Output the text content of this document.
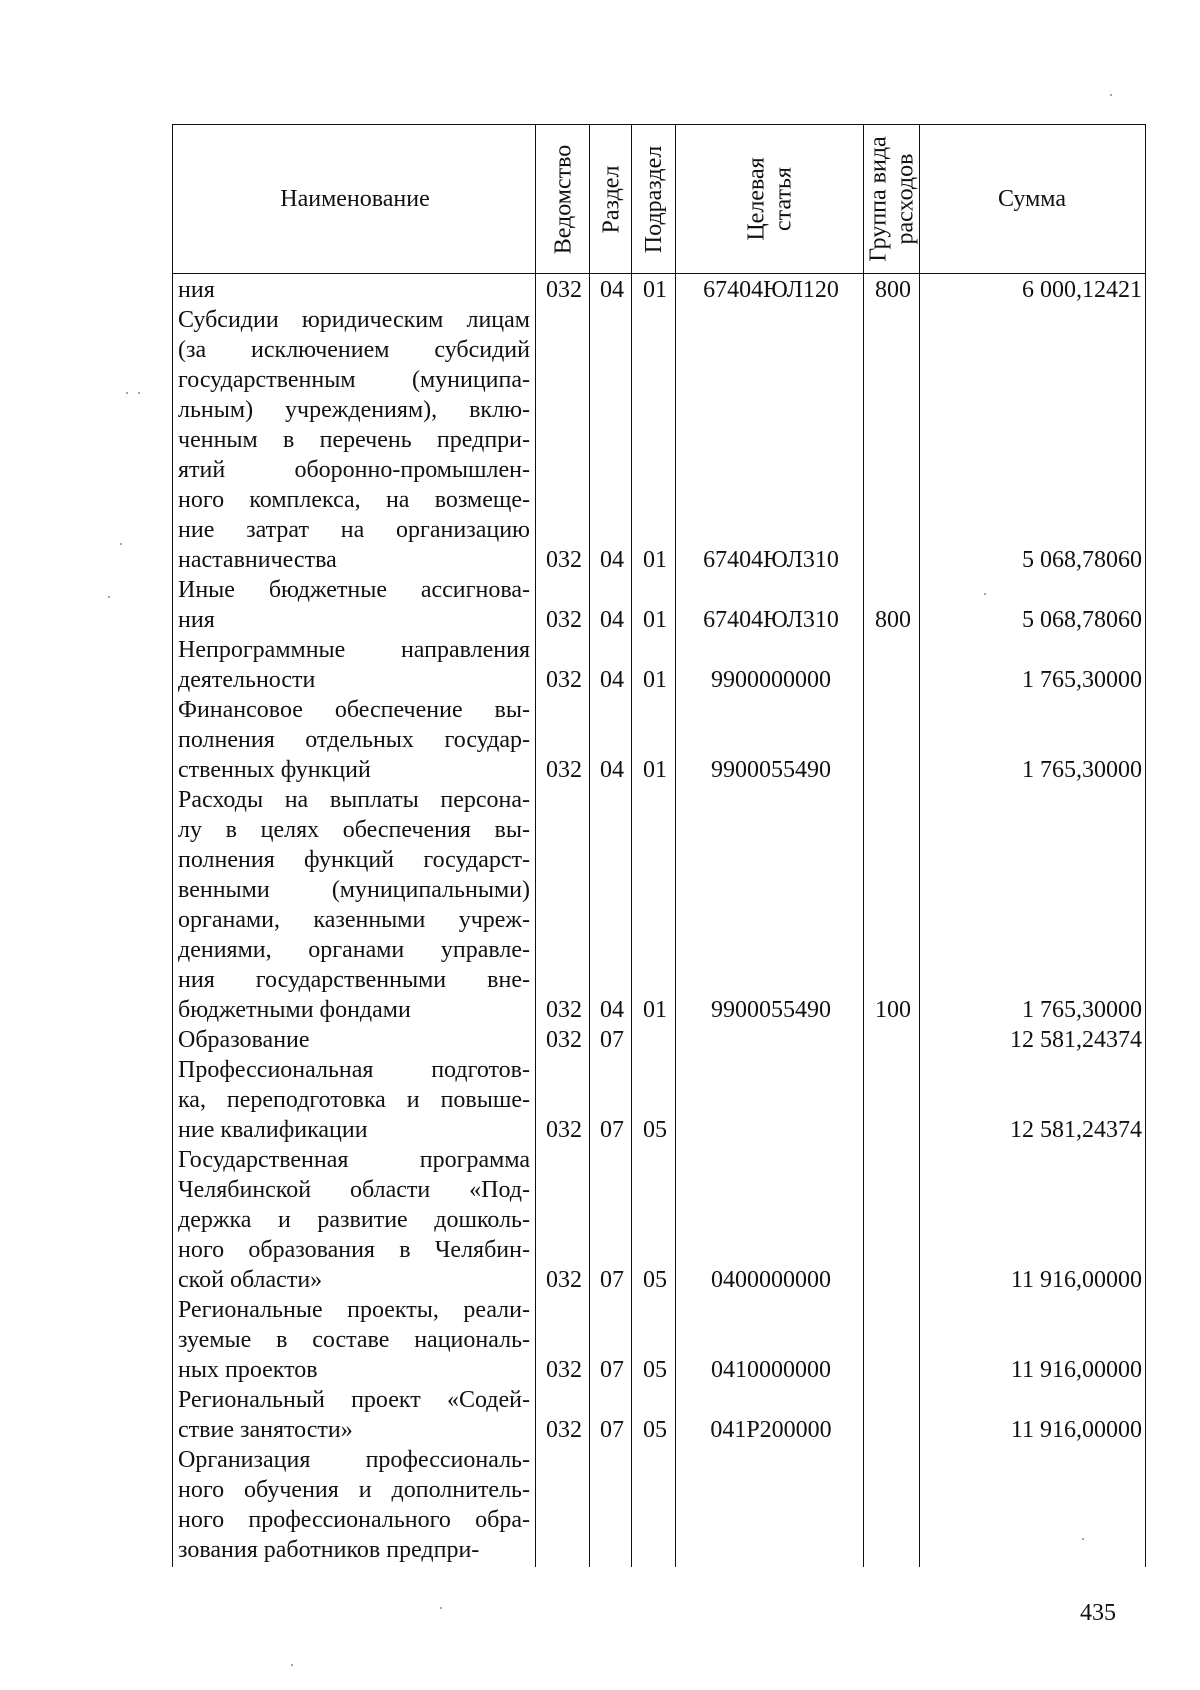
Наименование	Ведомство Раздел Подраздел	Целевая статья	Группа вида расходов	Сумма
ния	032 04 01	67404ЮЛ120	800	6 000,12421
Субсидии юридическим лицам
(за исключением субсидий
государственным (муниципа-
льным) учреждениям), вклю-
ченным в перечень предпри-
ятий оборонно-промышлен-
ного комплекса, на возмеще-
ние затрат на организацию
наставничества	032 04 01	67404ЮЛ310	5 068,78060
Иные бюджетные ассигнова-
ния	032 04 01	67404ЮЛ310	800	5 068,78060
Непрограммные направления
деятельности	032 04 01	9900000000	1 765,30000
Финансовое обеспечение вы-
полнения отдельных государ-
ственных функций	032 04 01	9900055490	1 765,30000
Расходы на выплаты персона-
лу в целях обеспечения вы-
полнения функций государст-
венными (муниципальными)
органами, казенными учреж-
дениями, органами управле-
ния государственными вне-
бюджетными фондами	032 04 01	9900055490	100	1 765,30000
Образование	032 07	12 581,24374
Профессиональная подготов-
ка, переподготовка и повыше-
ние квалификации	032 07 05	12 581,24374
Государственная программа
Челябинской области «Под-
держка и развитие дошколь-
ного образования в Челябин-
ской области»	032 07 05	0400000000	11 916,00000
Региональные проекты, реали-
зуемые в составе националь-
ных проектов	032 07 05	0410000000	11 916,00000
Региональный проект «Содей-
ствие занятости»	032 07 05	041P200000	11 916,00000
Организация профессиональ-
ного обучения и дополнитель-
ного профессионального обра-
зования работников предпри-
435
